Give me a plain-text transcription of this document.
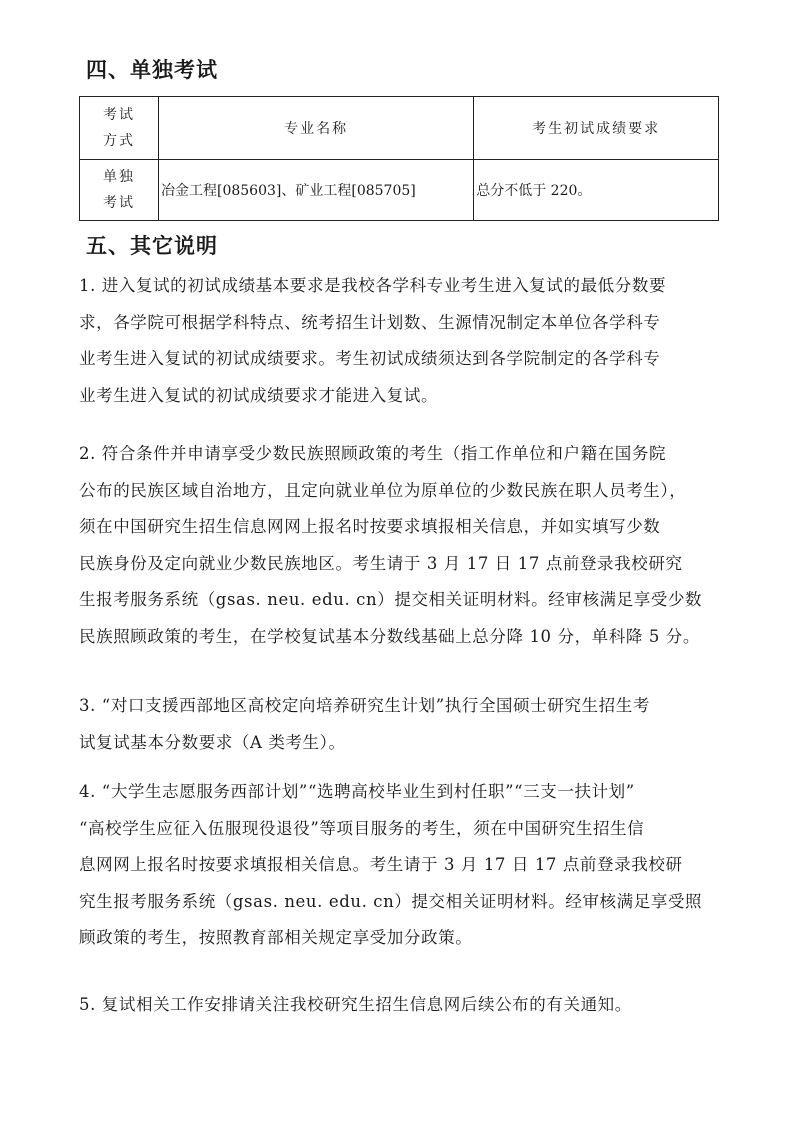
四、单独考试
考试
方式	专业名称	考生初试成绩要求

单独
考试	冶金工程[085603]、矿业工程[085705]	总分不低于 220。
五、其它说明
1. 进入复试的初试成绩基本要求是我校各学科专业考生进入复试的最低分数要
求，各学院可根据学科特点、统考招生计划数、生源情况制定本单位各学科专
业考生进入复试的初试成绩要求。考生初试成绩须达到各学院制定的各学科专
业考生进入复试的初试成绩要求才能进入复试。
2. 符合条件并申请享受少数民族照顾政策的考生（指工作单位和户籍在国务院
公布的民族区域自治地方，且定向就业单位为原单位的少数民族在职人员考生），
须在中国研究生招生信息网网上报名时按要求填报相关信息，并如实填写少数
民族身份及定向就业少数民族地区。考生请于 3 月 17 日 17 点前登录我校研究
生报考服务系统（gsas. neu. edu. cn）提交相关证明材料。经审核满足享受少数
民族照顾政策的考生，在学校复试基本分数线基础上总分降 10 分，单科降 5 分。
3. “对口支援西部地区高校定向培养研究生计划”执行全国硕士研究生招生考
试复试基本分数要求（A 类考生）。
4. “大学生志愿服务西部计划”“选聘高校毕业生到村任职”“三支一扶计划”
“高校学生应征入伍服现役退役”等项目服务的考生，须在中国研究生招生信
息网网上报名时按要求填报相关信息。考生请于 3 月 17 日 17 点前登录我校研
究生报考服务系统（gsas. neu. edu. cn）提交相关证明材料。经审核满足享受照
顾政策的考生，按照教育部相关规定享受加分政策。
5. 复试相关工作安排请关注我校研究生招生信息网后续公布的有关通知。
